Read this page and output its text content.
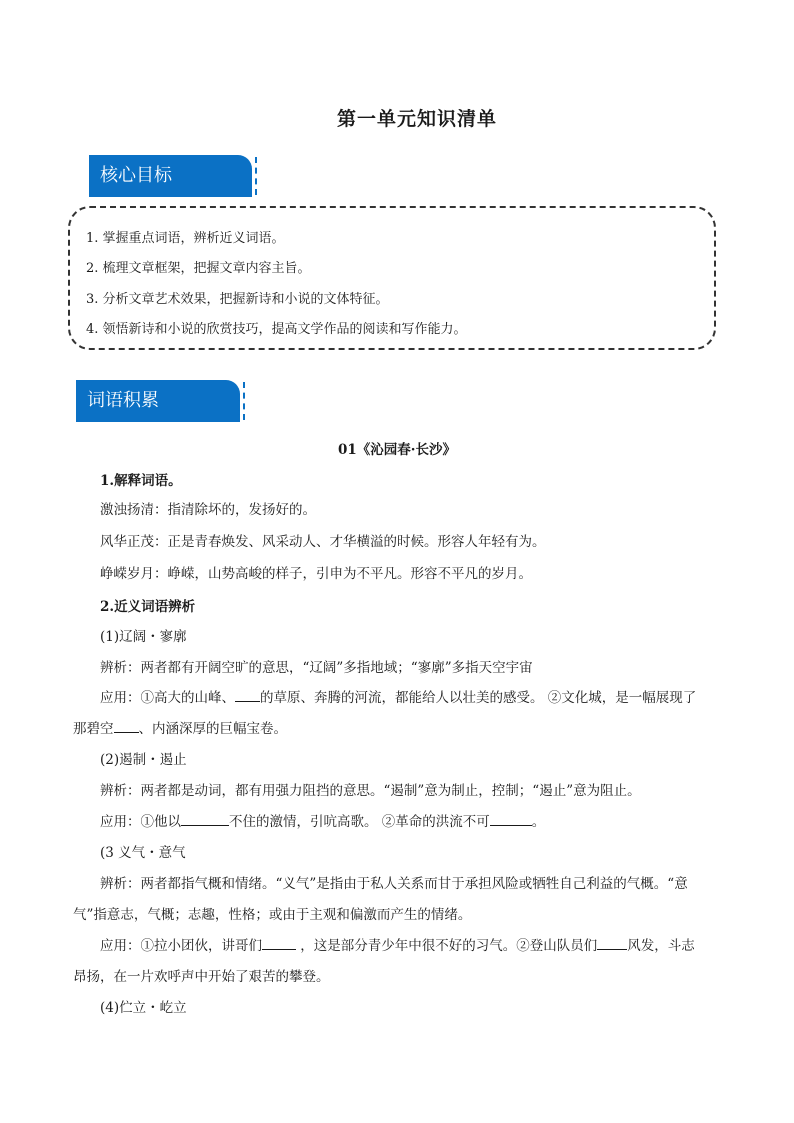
第一单元知识清单
核心目标
1. 掌握重点词语，辨析近义词语。
2. 梳理文章框架，把握文章内容主旨。
3. 分析文章艺术效果，把握新诗和小说的文体特征。
4. 领悟新诗和小说的欣赏技巧，提高文学作品的阅读和写作能力。
词语积累
01《沁园春·长沙》
1.解释词语。
激浊扬清：指清除坏的，发扬好的。
风华正茂：正是青春焕发、风采动人、才华横溢的时候。形容人年轻有为。
峥嵘岁月：峥嵘，山势高峻的样子，引申为不平凡。形容不平凡的岁月。
2.近义词语辨析
(1)辽阔・寥廓
辨析：两者都有开阔空旷的意思，“辽阔”多指地域；“寥廓”多指天空宇宙
应用：①高大的山峰、 的草原、奔腾的河流，都能给人以壮美的感受。 ②文化城，是一幅展现了
那碧空 、内涵深厚的巨幅宝卷。
(2)遏制・遏止
辨析：两者都是动词，都有用强力阻挡的意思。“遏制”意为制止，控制；“遏止”意为阻止。
应用：①他以	不住的激情，引吭高歌。 ②革命的洪流不可	。
(3 义气・意气
辨析：两者都指气概和情绪。“义气”是指由于私人关系而甘于承担风险或牺牲自己利益的气概。“意
气”指意志，气概；志趣，性格；或由于主观和偏激而产生的情绪。
应用：①拉小团伙，讲哥们	，这是部分青少年中很不好的习气。②登山队员们 风发，斗志
昂扬，在一片欢呼声中开始了艰苦的攀登。
(4)伫立・屹立
